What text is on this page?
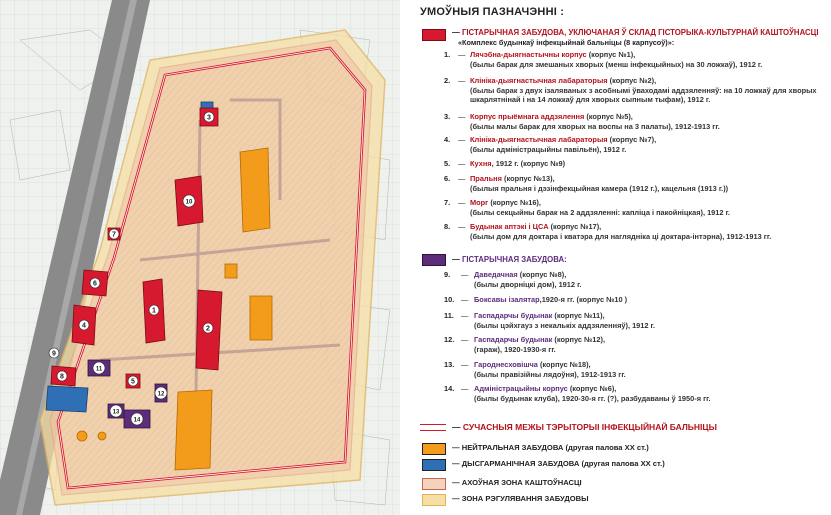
1
2
3
4
5
6
7
8
9
10
11
12
13
14
УМОЎНЫЯ ПАЗНАЧЭННІ :
— ГІСТАРЫЧНАЯ ЗАБУДОВА, УКЛЮЧАНАЯ Ў СКЛАД ГІСТОРЫКА-КУЛЬТУРНАЙ КАШТОЎНАСЦІ
«Комплекс будынкаў інфекцыйнай бальніцы (8 карпусоў)»:
1.	— Лячэбна-дыягнастычны корпус (корпус №1),
(былы барак для змешаных хворых (менш інфекцыйных) на 30 ложкаў), 1912 г.
2.	— Клініка-дыягнастычная лабараторыя (корпус №2),
(былы барак з двух ізаляваных з асобнымі ўваходамі аддзяленняў: на 10 ложкаў для хворых
шкарлятнінай і на 14 ложкаў для хворых сыпным тыфам), 1912 г.
3.	— Корпус прыёмнага аддзялення (корпус №5),
(былы малы барак для хворых на воспы на 3 палаты), 1912-1913 гг.
4.	— Клініка-дыягнастычная лабараторыя (корпус №7),
(былы адміністрацыйны павільён), 1912 г.
5.	— Кухня, 1912 г. (корпус №9)
6.	— Пральня (корпус №13),
(былыя пральня і дэзінфекцыйная камера (1912 г.), кацельня (1913 г.))
7.	— Морг (корпус №16),
(былы секцыйны барак на 2 аддзяленні: капліца і пакойніцкая), 1912 г.
8.	— Будынак аптэкі і ЦСА (корпус №17),
(былы дом для доктара і кватэра для наглядніка ці доктара-інтэрна), 1912-1913 гг.
— ГІСТАРЫЧНАЯ ЗАБУДОВА:
9.	— Даведачная (корпус №8),
(былы дворніцкі дом), 1912 г.
10. — Боксавы ізалятар,1920-я гг. (корпус №10 )
11. — Гаспадарчы будынак (корпус №11),
(былы цэйхгауз з некалькіх аддзяленняў), 1912 г.
12. — Гаспадарчы будынак (корпус №12),
(гараж), 1920-1930-я гг.
13. — Гароднесховішча (корпус №18),
(былы правізійны лядоўня), 1912-1913 гг.
14. — Адміністрацыйны корпус (корпус №6),
(былы будынак клуба), 1920-30-я гг. (?), разбудаваны ў 1950-я гг.
— СУЧАСНЫЯ МЕЖЫ ТЭРЫТОРЫІ ІНФЕКЦЫЙНАЙ БАЛЬНІЦЫ
— НЕЙТРАЛЬНАЯ ЗАБУДОВА (другая палова ХХ ст.)
— ДЫСГАРМАНІЧНАЯ ЗАБУДОВА (другая палова ХХ ст.)
— АХОЎНАЯ ЗОНА КАШТОЎНАСЦІ
— ЗОНА РЭГУЛЯВАННЯ ЗАБУДОВЫ
